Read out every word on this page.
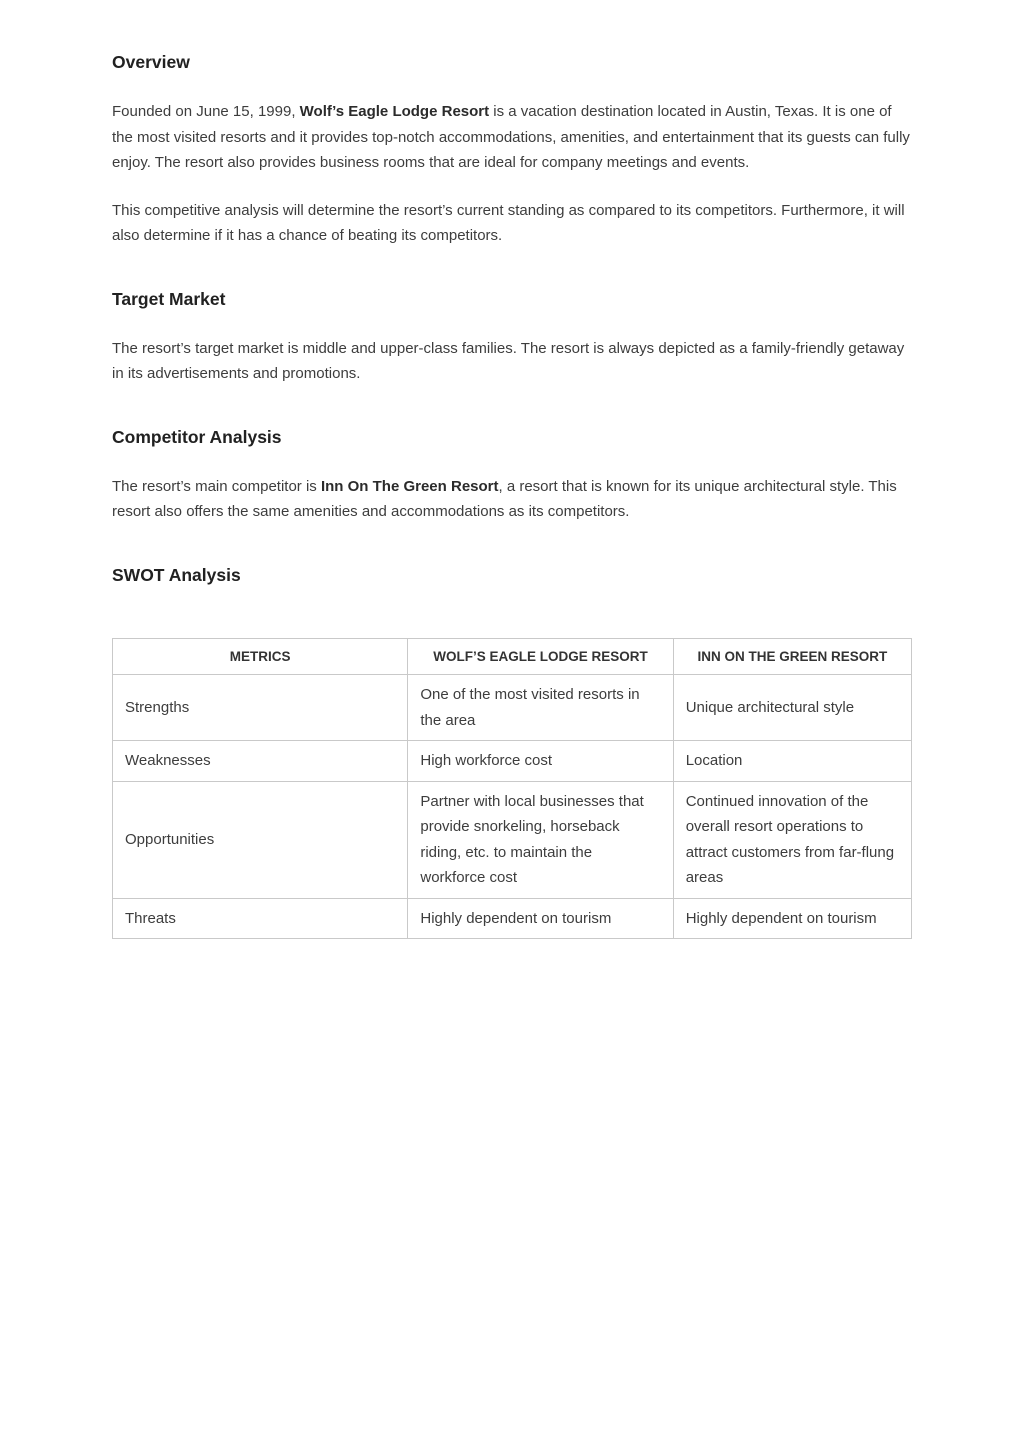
Overview

Founded on June 15, 1999, Wolf’s Eagle Lodge Resort is a vacation destination located in Austin, Texas. It is one of the most visited resorts and it provides top-notch accommodations, amenities, and entertainment that its guests can fully enjoy. The resort also provides business rooms that are ideal for company meetings and events.

This competitive analysis will determine the resort’s current standing as compared to its competitors. Furthermore, it will also determine if it has a chance of beating its competitors.

Target Market

The resort’s target market is middle and upper-class families. The resort is always depicted as a family-friendly getaway in its advertisements and promotions.

Competitor Analysis

The resort’s main competitor is Inn On The Green Resort, a resort that is known for its unique architectural style. This resort also offers the same amenities and accommodations as its competitors.

SWOT Analysis
METRICS	WOLF’S EAGLE LODGE RESORT	INN ON THE GREEN RESORT
Strengths	One of the most visited resorts in the area	Unique architectural style
Weaknesses	High workforce cost	Location
Opportunities	Partner with local businesses that provide snorkeling, horseback riding, etc. to maintain the workforce cost	Continued innovation of the overall resort operations to attract customers from far-flung areas
Threats	Highly dependent on tourism	Highly dependent on tourism
